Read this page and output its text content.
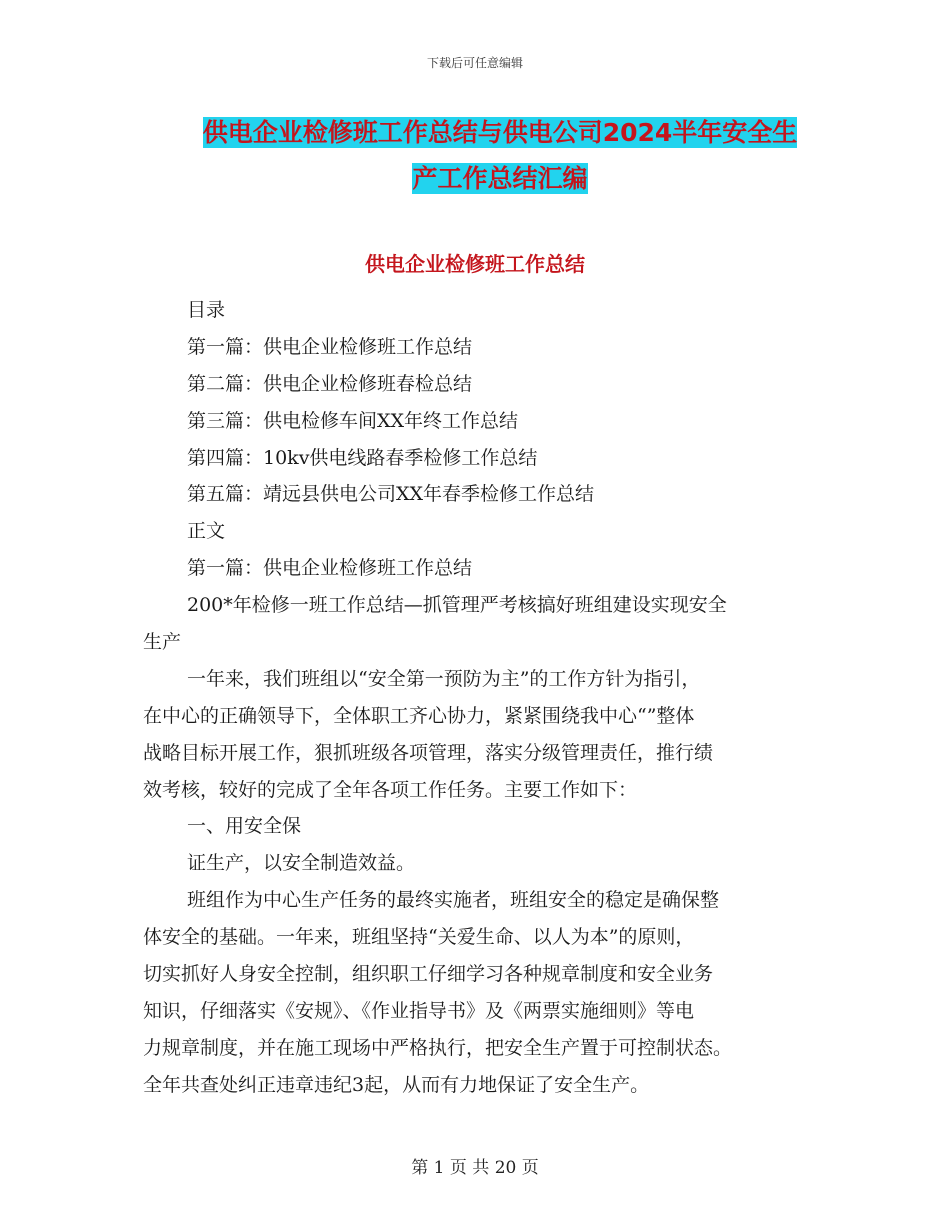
下载后可任意编辑
供电企业检修班工作总结与供电公司2024半年安全生
产工作总结汇编
供电企业检修班工作总结
目录
第一篇：供电企业检修班工作总结
第二篇：供电企业检修班春检总结
第三篇：供电检修车间XX年终工作总结
第四篇：10kv供电线路春季检修工作总结
第五篇：靖远县供电公司XX年春季检修工作总结
正文
第一篇：供电企业检修班工作总结
200*年检修一班工作总结—抓管理严考核搞好班组建设实现安全
生产
一年来，我们班组以“安全第一预防为主”的工作方针为指引，
在中心的正确领导下，全体职工齐心协力，紧紧围绕我中心“”整体
战略目标开展工作，狠抓班级各项管理，落实分级管理责任，推行绩
效考核，较好的完成了全年各项工作任务。主要工作如下：
一、用安全保
证生产，以安全制造效益。
班组作为中心生产任务的最终实施者，班组安全的稳定是确保整
体安全的基础。一年来，班组坚持“关爱生命、以人为本”的原则，
切实抓好人身安全控制，组织职工仔细学习各种规章制度和安全业务
知识，仔细落实《安规》、《作业指导书》及《两票实施细则》等电
力规章制度，并在施工现场中严格执行，把安全生产置于可控制状态。
全年共查处纠正违章违纪3起，从而有力地保证了安全生产。
第 1 页 共 20 页
